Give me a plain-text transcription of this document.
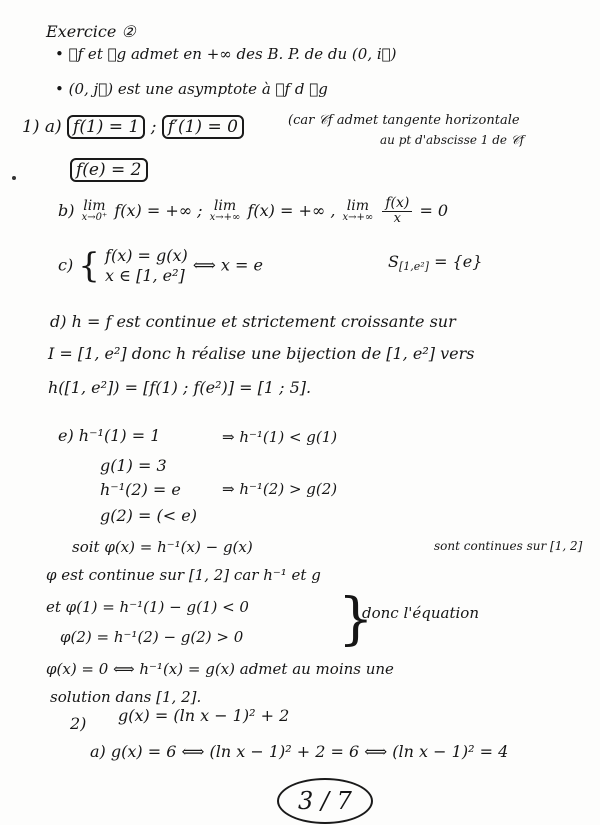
Exercice ②
• 𝒞f et 𝒞g admet en +∞ des B. P. de du (0, i⃗)
• (0, j⃗) est une asymptote à 𝒞f d 𝒞g
1) a) f(1) = 1 ; f′(1) = 0	(car 𝒞f admet tangente horizontale
au pt d'abscisse 1 de 𝒞f
f(e) = 2
b) lim
x→0⁺ f(x) = +∞ ; lim
x→+∞ f(x) = +∞ , lim
x→+∞
$\frac{f(x)}{x} = 0$
c) { f(x) = g(x)
x ∈ [1, e²]
⟺ x = e	S[1,e²] = {e}
d) h = f est continue et strictement croissante sur
I = [1, e²] donc h réalise une bijection de [1, e²] vers
h([1, e²]) = [f(1) ; f(e²)] = [1 ; 5].
e) h⁻¹(1) = 1	⇒ h⁻¹(1) < g(1)
g(1) = 3
h⁻¹(2) = e	⇒ h⁻¹(2) > g(2)
g(2) = (< e)
soit φ(x) = h⁻¹(x) − g(x)	sont continues sur [1, 2]
φ est continue sur [1, 2] car h⁻¹ et g
et φ(1) = h⁻¹(1) − g(1) < 0
φ(2) = h⁻¹(2) − g(2) > 0 }
donc l'équation
φ(x) = 0 ⟺ h⁻¹(x) = g(x) admet au moins une
solution dans [1, 2].
2) g(x) = (ln x − 1)² + 2
a) g(x) = 6 ⟺ (ln x − 1)² + 2 = 6 ⟺ (ln x − 1)² = 4
3 / 7
